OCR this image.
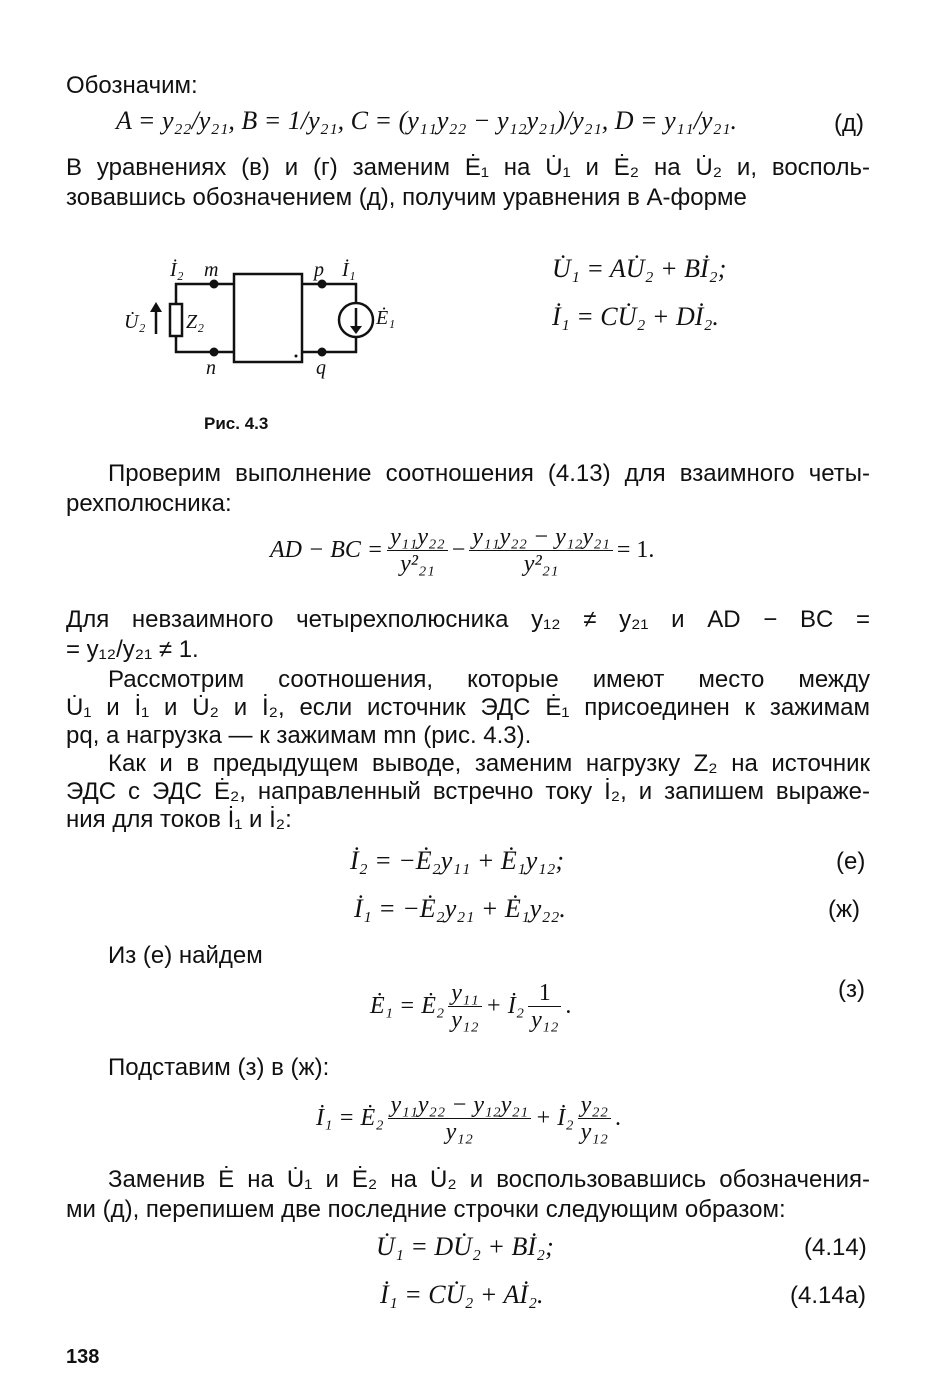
Обозначим:
A = y₂₂/y₂₁, B = 1/y₂₁, C = (y₁₁y₂₂ − y₁₂y₂₁)/y₂₁, D = y₁₁/y₂₁.	(д)
В уравнениях (в) и (г) заменим Ė₁ на U̇₁ и Ė₂ на U̇₂ и, восполь-
зовавшись обозначением (д), получим уравнения в A-форме
İ₂ m	p İ₁
U̇₂ Z₂	Ė₁
n	q
Рис. 4.3
U̇₁ = AU̇₂ + Bİ₂;
İ₁ = CU̇₂ + Dİ₂.
Проверим выполнение соотношения (4.13) для взаимного четы-
рехполюсника:
AD − BC = $\frac{\text{y₁₁y₂₂}}{\text{y²₂₁}} - \frac{\text{y₁₁y₂₂ − y₁₂y₂₁}}{\text{y²₂₁}} = 1$.
Для невзаимного четырехполюсника y₁₂ ≠ y₂₁ и AD − BC =
= y₁₂/y₂₁ ≠ 1.
Рассмотрим соотношения, которые имеют место между
U̇₁ и İ₁ и U̇₂ и İ₂, если источник ЭДС Ė₁ присоединен к зажимам
pq, а нагрузка — к зажимам mn (рис. 4.3).
Как и в предыдущем выводе, заменим нагрузку Z₂ на источник
ЭДС с ЭДС Ė₂, направленный встречно току İ₂, и запишем выраже-
ния для токов İ₁ и İ₂:
İ₂ = −Ė₂y₁₁ + Ė₁y₁₂;	(е)
İ₁ = −Ė₂y₂₁ + Ė₁y₂₂.	(ж)
Из (е) найдем
Ė₁ = Ė₂ $\frac{\text{y₁₁}}{\text{y₁₂}}$ + İ₂ $\frac{1}{\text{y₁₂}}$ .
(з)
Подставим (з) в (ж):
İ₁ = Ė₂ $\frac{\text{y₁₁y₂₂ − y₁₂y₂₁}}{\text{y₁₂}}$ + İ₂ $\frac{\text{y₂₂}}{\text{y₁₂}}$ .
Заменив Ė на U̇₁ и Ė₂ на U̇₂ и воспользовавшись обозначения-
ми (д), перепишем две последние строчки следующим образом:
U̇₁ = DU̇₂ + Bİ₂;	(4.14)
İ₁ = CU̇₂ + Aİ₂.	(4.14а)
138
